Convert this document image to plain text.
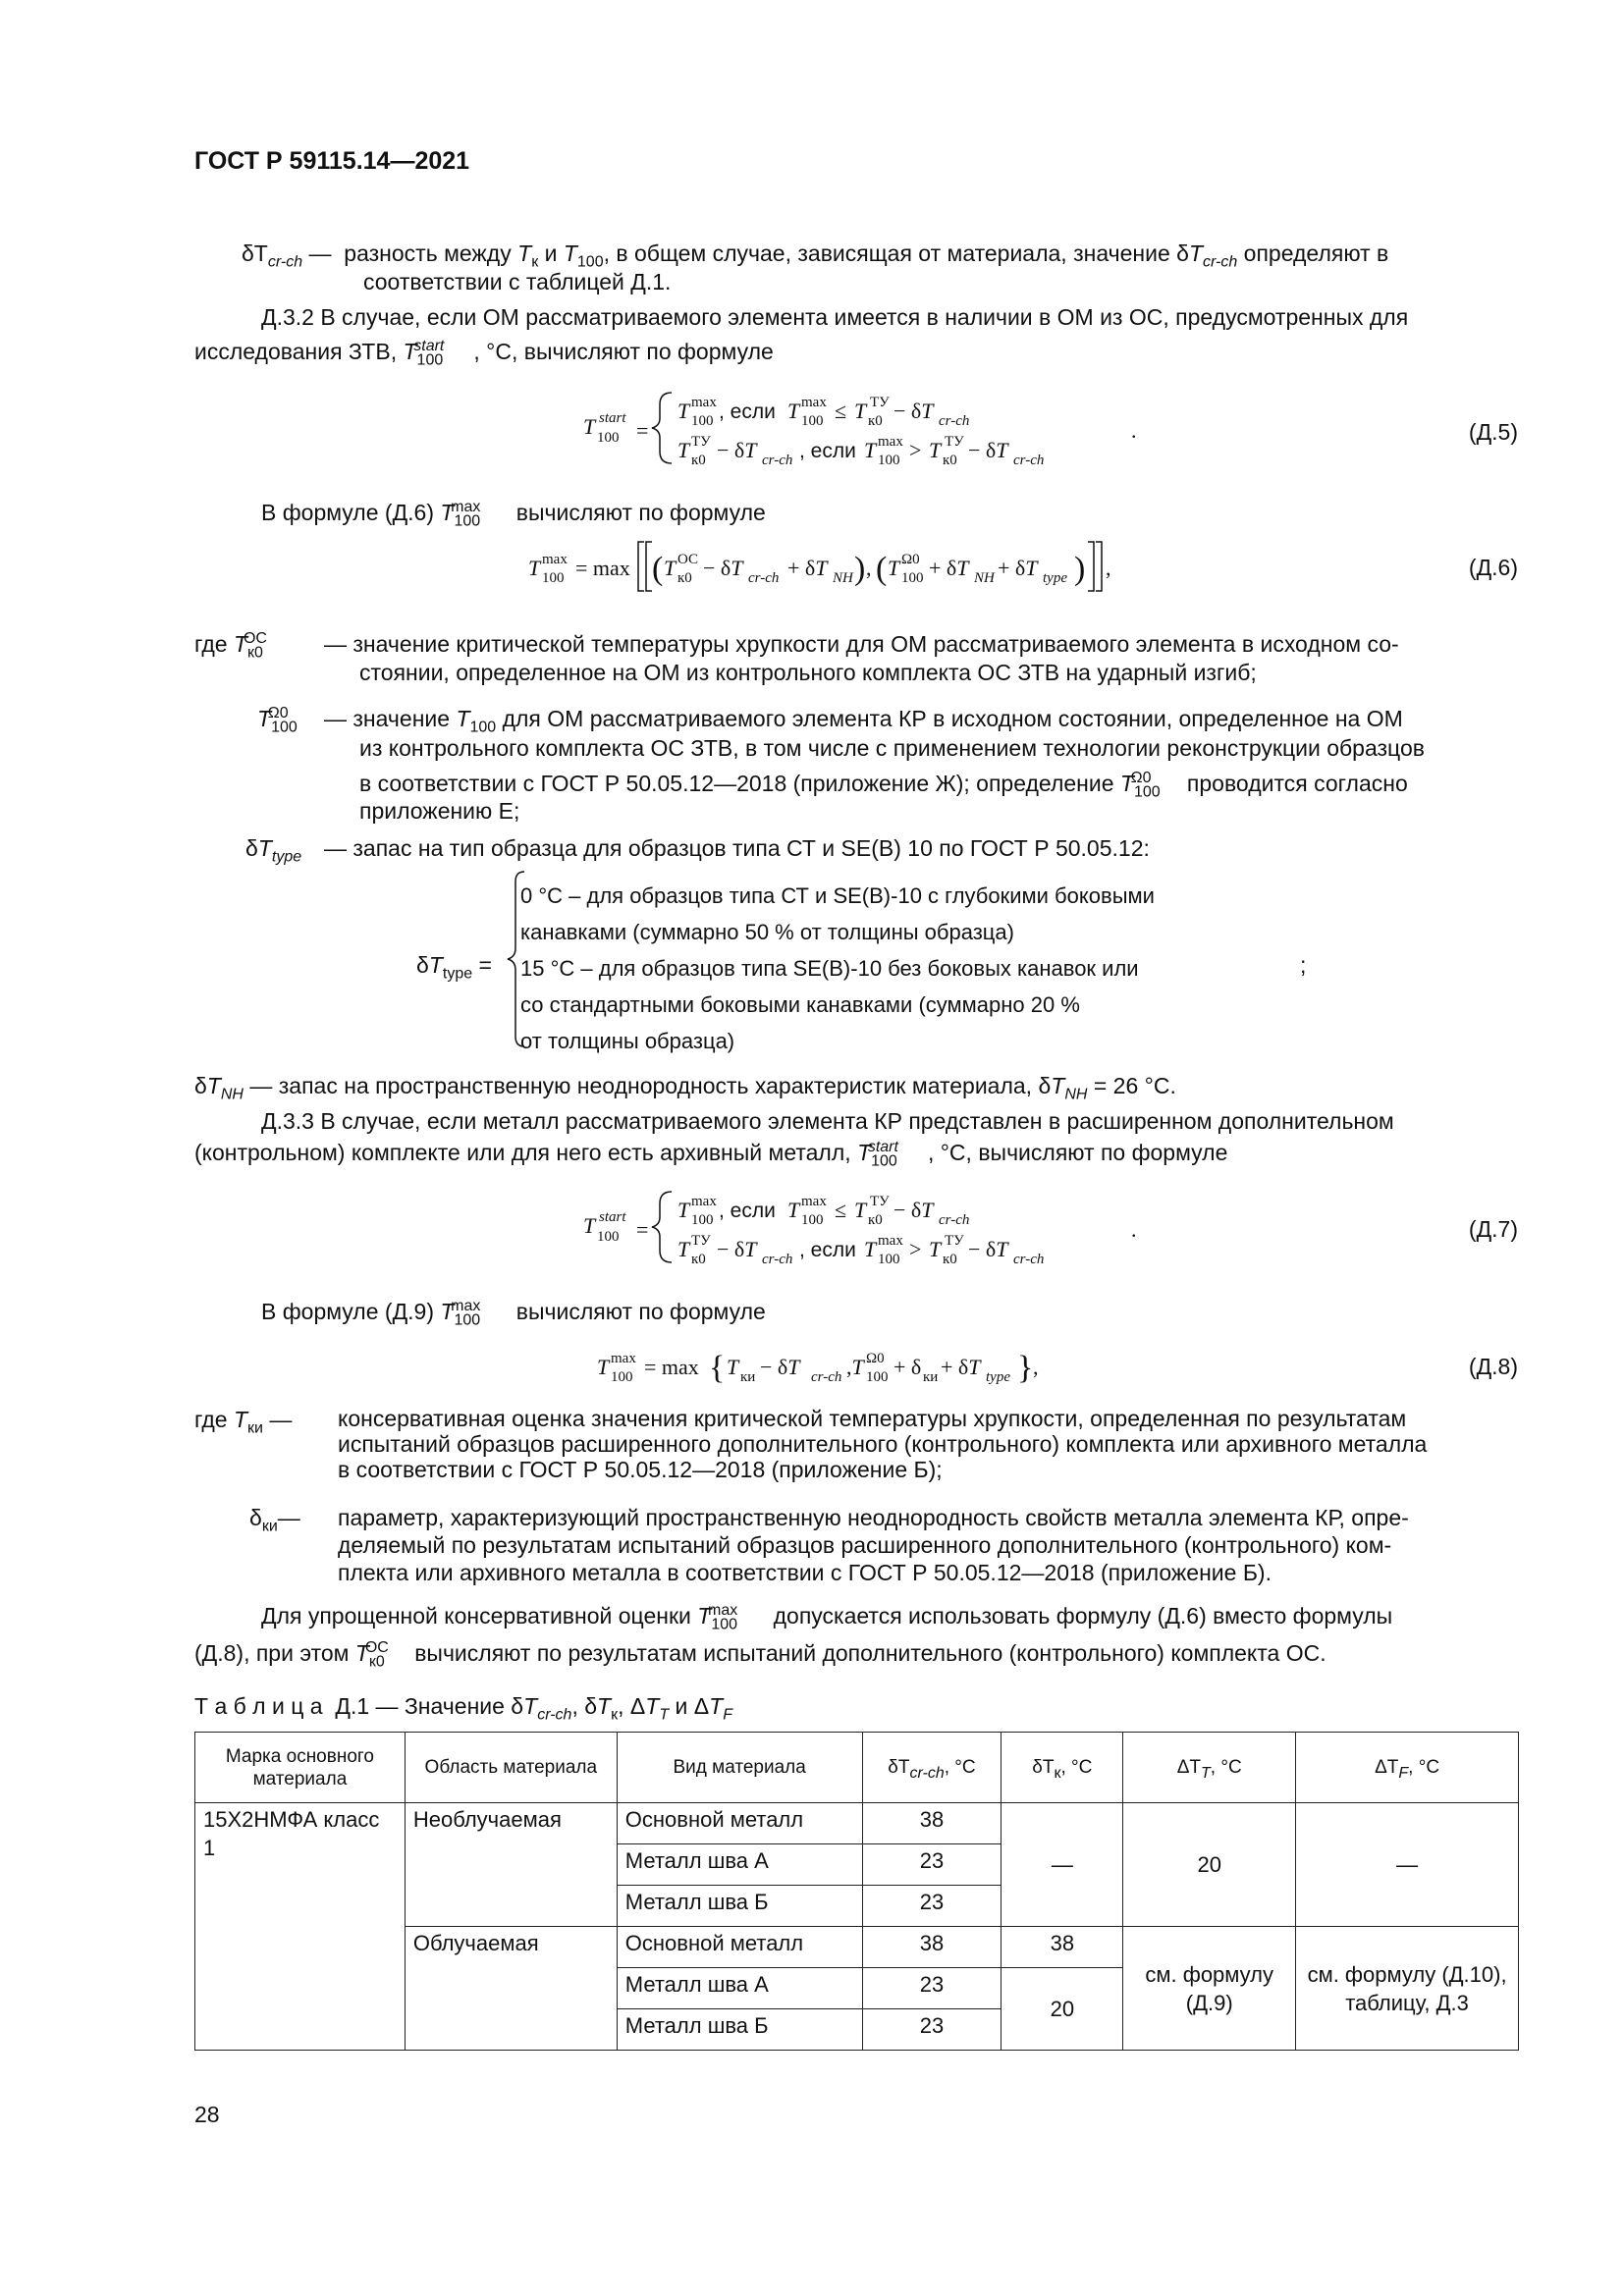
ГОСТ Р 59115.14—2021
$\delta T_{cr-ch}$ —  разность между $T_к$ и $T_{100}$, в общем случае, зависящая от материала, значение $\delta T_{cr-ch}$ определяют в
соответствии с таблицей Д.1.
Д.3.2 В случае, если ОМ рассматриваемого элемента имеется в наличии в ОМ из ОС, предусмотренных для
исследования ЗТВ, $T_{100}^{start}$ , °С, вычисляют по формуле
T 100
start =
T 100
max , если T 100
max ≤ T к0
ТУ − δT cr-ch
T к0
ТУ − δT cr-ch , если T 100
max > T к0
ТУ − δT cr-ch
.	(Д.5)
В формуле (Д.6) $T_{100}^{max}$ вычисляют по формуле
T 100
max = max ( T к0
ОС − δT cr-ch + δT NH ) , ( T 100
Ω0 + δT NH + δT type ) ,	(Д.6)
где $T_{к0}^{ОС}$	— значение критической температуры хрупкости для ОМ рассматриваемого элемента в исходном со-
стоянии, определенное на ОМ из контрольного комплекта ОС ЗТВ на ударный изгиб;
$T_{100}^{\Omega 0}$	— значение $T_{100}$ для ОМ рассматриваемого элемента КР в исходном состоянии, определенное на ОМ
из контрольного комплекта ОС ЗТВ, в том числе с применением технологии реконструкции образцов
в соответствии с ГОСТ Р 50.05.12—2018 (приложение Ж); определение $T_{100}^{\Omega 0}$ проводится согласно
приложению Е;
$\delta T_{type}$ — запас на тип образца для образцов типа СТ и SE(B) 10 по ГОСТ Р 50.05.12:
$\delta T_{type}$ =
0 °С – для образцов типа СТ и SE(B)-10 с глубокими боковыми
канавками (суммарно 50 % от толщины образца)
15 °С – для образцов типа SE(B)-10 без боковых канавок или
со стандартными боковыми канавками (суммарно 20 %
от толщины образца)
;
$\delta T_{NH}$ — запас на пространственную неоднородность характеристик материала, $\delta T_{NH} = 26$ °С.
Д.3.3 В случае, если металл рассматриваемого элемента КР представлен в расширенном дополнительном
(контрольном) комплекте или для него есть архивный металл, $T_{100}^{start}$ , °С, вычисляют по формуле
T 100
start =
T 100
max , если T 100
max ≤ T к0
ТУ − δT cr-ch
T к0
ТУ − δT cr-ch , если T 100
max > T к0
ТУ − δT cr-ch
.	(Д.7)
В формуле (Д.9) $T_{100}^{max}$ вычисляют по формуле
T 100
max = max { T ки − δT cr-ch ,T 100
Ω0 + δ ки + δT type } ,	(Д.8)
где $T_{ки}$ — консервативная оценка значения критической температуры хрупкости, определенная по результатам
испытаний образцов расширенного дополнительного (контрольного) комплекта или архивного металла
в соответствии с ГОСТ Р 50.05.12—2018 (приложение Б);
$\delta_{ки}—$ параметр, характеризующий пространственную неоднородность свойств металла элемента КР, опре-
деляемый по результатам испытаний образцов расширенного дополнительного (контрольного) ком-
плекта или архивного металла в соответствии с ГОСТ Р 50.05.12—2018 (приложение Б).
Для упрощенной консервативной оценки $T_{100}^{max}$ допускается использовать формулу (Д.6) вместо формулы
(Д.8), при этом $T_{к0}^{ОС}$ вычисляют по результатам испытаний дополнительного (контрольного) комплекта ОС.
Т а б л и ц а Д.1 — Значение $\delta T_{cr-ch}$, $\delta T_к$, $\Delta T_T$ и $\Delta T_F$
Марка основного материала	Область материала	Вид материала	$\delta T_{cr-ch}$, °С	$\delta T_к$, °С	$\Delta T_T$, °С	$\Delta T_F$, °С
15Х2НМФА класс 1	Необлучаемая	Основной металл	38	—	20	—
		Металл шва А	23			
		Металл шва Б	23			
	Облучаемая	Основной металл	38	38	см. формулу (Д.9)	см. формулу (Д.10), таблицу, Д.3
		Металл шва А	23	20		
		Металл шва Б	23			
28
